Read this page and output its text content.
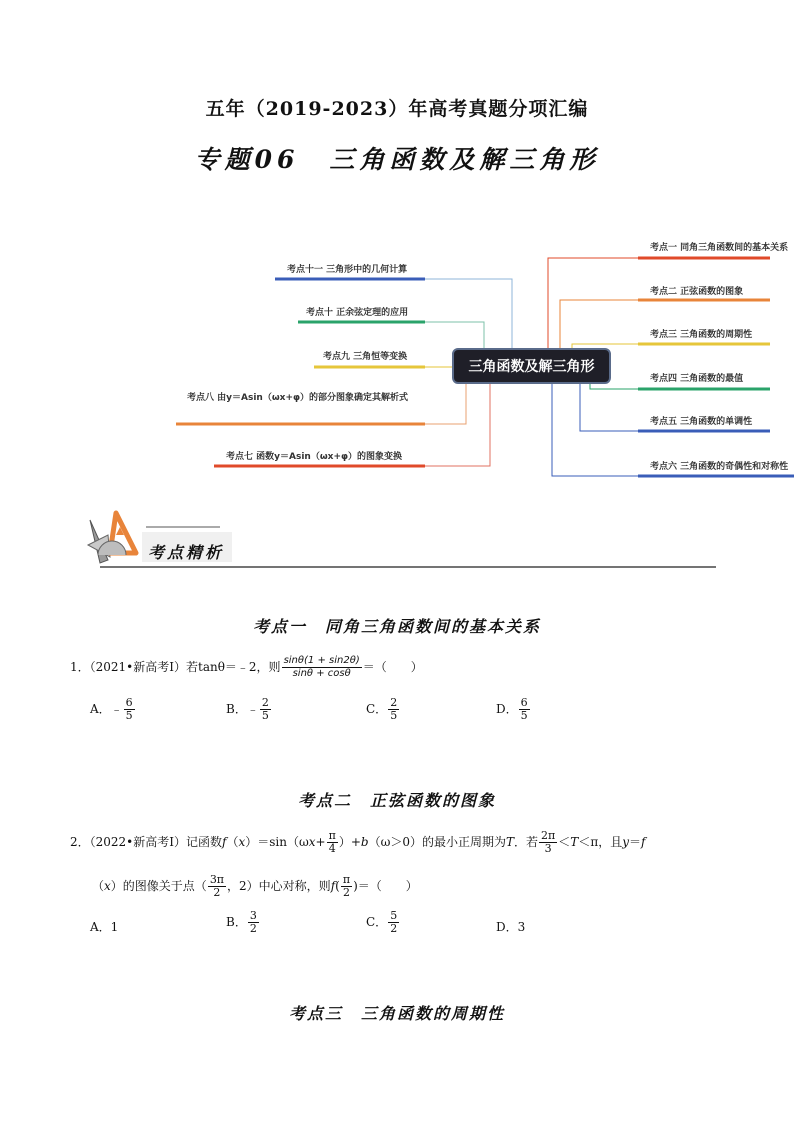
五年（2019-2023）年高考真题分项汇编
专题06　三角函数及解三角形
三角函数及解三角形
考点一 同角三角函数间的基本关系
考点二 正弦函数的图象
考点三 三角函数的周期性
考点四 三角函数的最值
考点五 三角函数的单调性
考点六 三角函数的奇偶性和对称性
考点十一 三角形中的几何计算
考点十 正余弦定理的应用
考点九 三角恒等变换
考点八 由y＝Asin（ωx+φ）的部分图象确定其解析式
考点七 函数y＝Asin（ωx+φ）的图象变换
考点精析
考点一　同角三角函数间的基本关系
1．（2021•新高考Ⅰ）若tanθ＝﹣2，则 $\frac{\sin\theta(1 + \sin 2\theta)}{\sin\theta + \cos\theta}$ ＝（　　）
A．﹣ $\frac{6}{5}$	B．﹣ $\frac{2}{5}$	C． $\frac{2}{5}$	D． $\frac{6}{5}$
考点二　正弦函数的图象
2．（2022•新高考Ⅰ）记函数$f(x)=\sin(\omega x+ \frac{\pi}{4} )+b(\omega>0)$的最小正周期为T．若 $\frac{2\pi}{3} <T<\pi$，且y＝f
（x）的图像关于点（ $\frac{3\pi}{2}$ ，2）中心对称，则$f( \frac{\pi}{2}$ )＝（　　）
A．1	B． $\frac{3}{2}$	C． $\frac{5}{2}$	D．3
考点三　三角函数的周期性
